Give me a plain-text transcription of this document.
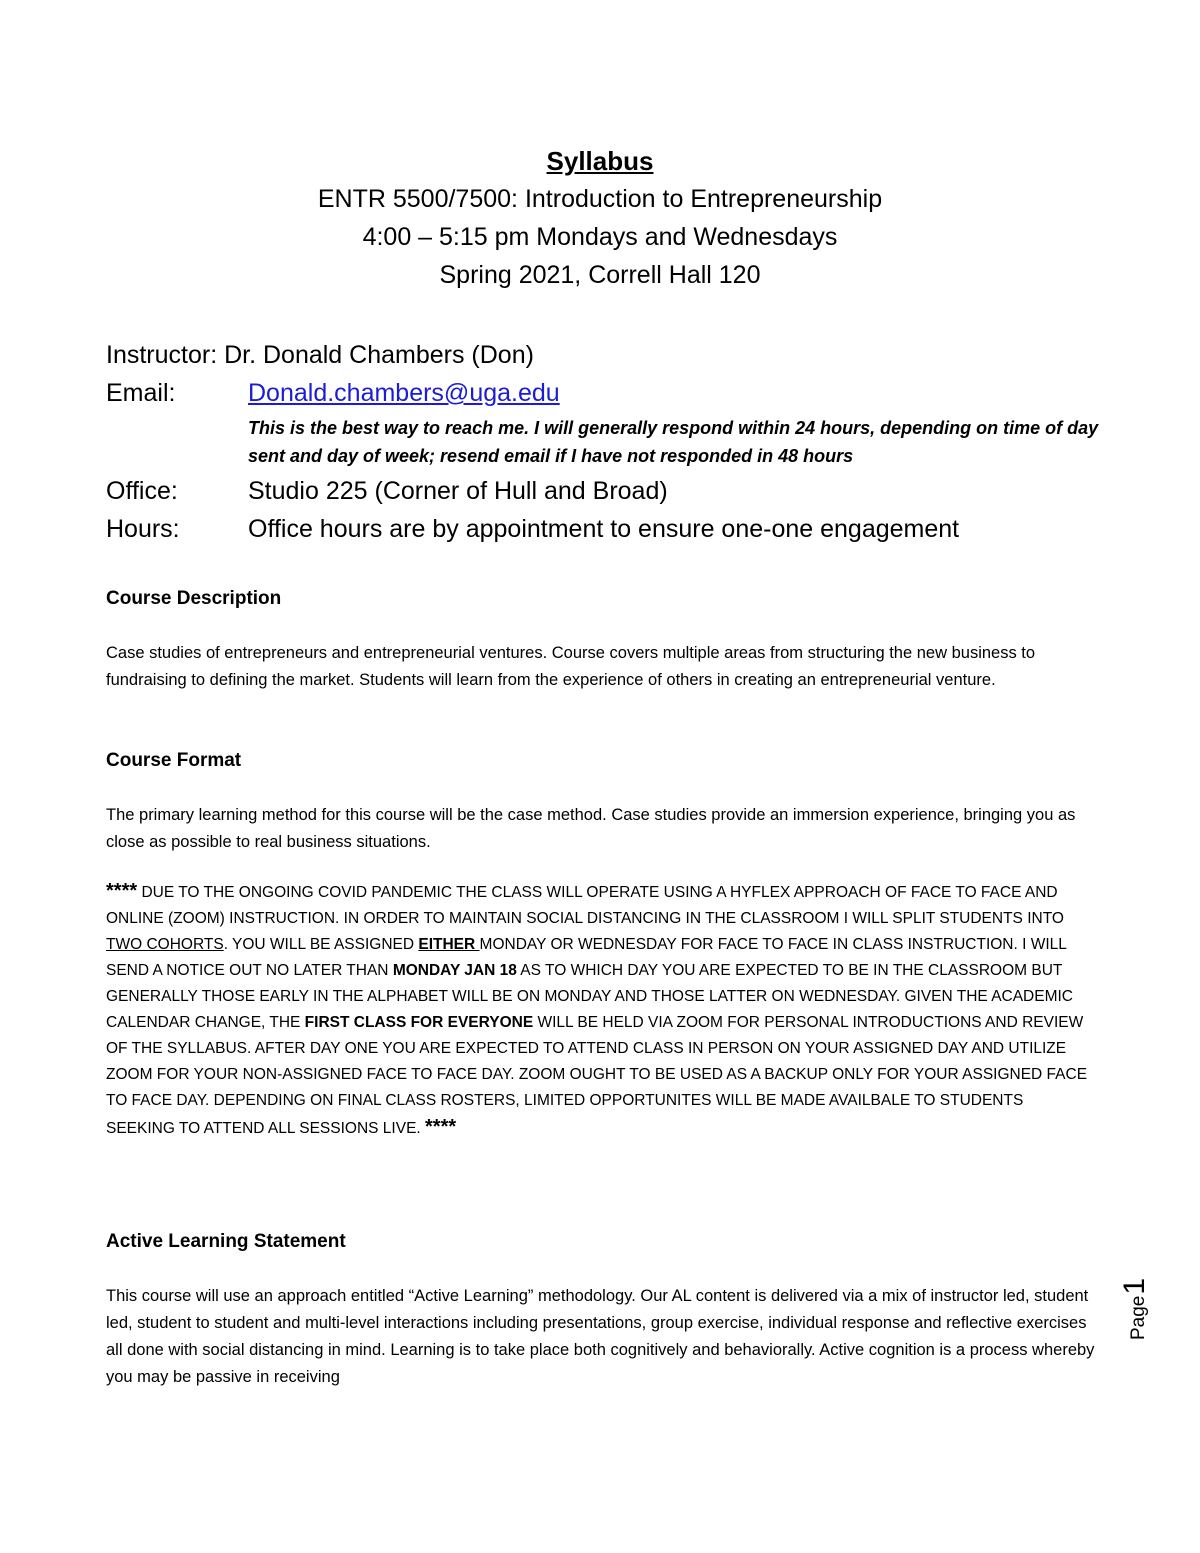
Syllabus
ENTR 5500/7500: Introduction to Entrepreneurship
4:00 – 5:15 pm Mondays and Wednesdays
Spring 2021, Correll Hall 120
Instructor: Dr. Donald Chambers (Don)
Email:	Donald.chambers@uga.edu
This is the best way to reach me. I will generally respond within 24 hours, depending on time of day sent and day of week; resend email if I have not responded in 48 hours
Office:	Studio 225 (Corner of Hull and Broad)
Hours:	Office hours are by appointment to ensure one-one engagement
Course Description
Case studies of entrepreneurs and entrepreneurial ventures. Course covers multiple areas from structuring the new business to fundraising to defining the market. Students will learn from the experience of others in creating an entrepreneurial venture.
Course Format
The primary learning method for this course will be the case method. Case studies provide an immersion experience, bringing you as close as possible to real business situations.
**** DUE TO THE ONGOING COVID PANDEMIC THE CLASS WILL OPERATE USING A HYFLEX APPROACH OF FACE TO FACE AND ONLINE (ZOOM) INSTRUCTION. IN ORDER TO MAINTAIN SOCIAL DISTANCING IN THE CLASSROOM I WILL SPLIT STUDENTS INTO TWO COHORTS. YOU WILL BE ASSIGNED EITHER MONDAY OR WEDNESDAY FOR FACE TO FACE IN CLASS INSTRUCTION. I WILL SEND A NOTICE OUT NO LATER THAN MONDAY JAN 18 AS TO WHICH DAY YOU ARE EXPECTED TO BE IN THE CLASSROOM BUT GENERALLY THOSE EARLY IN THE ALPHABET WILL BE ON MONDAY AND THOSE LATTER ON WEDNESDAY. GIVEN THE ACADEMIC CALENDAR CHANGE, THE FIRST CLASS FOR EVERYONE WILL BE HELD VIA ZOOM FOR PERSONAL INTRODUCTIONS AND REVIEW OF THE SYLLABUS. AFTER DAY ONE YOU ARE EXPECTED TO ATTEND CLASS IN PERSON ON YOUR ASSIGNED DAY AND UTILIZE ZOOM FOR YOUR NON-ASSIGNED FACE TO FACE DAY. ZOOM OUGHT TO BE USED AS A BACKUP ONLY FOR YOUR ASSIGNED FACE TO FACE DAY. DEPENDING ON FINAL CLASS ROSTERS, LIMITED OPPORTUNITES WILL BE MADE AVAILBALE TO STUDENTS SEEKING TO ATTEND ALL SESSIONS LIVE. ****
Active Learning Statement
This course will use an approach entitled “Active Learning” methodology. Our AL content is delivered via a mix of instructor led, student led, student to student and multi-level interactions including presentations, group exercise, individual response and reflective exercises all done with social distancing in mind. Learning is to take place both cognitively and behaviorally. Active cognition is a process whereby you may be passive in receiving
Page
1
